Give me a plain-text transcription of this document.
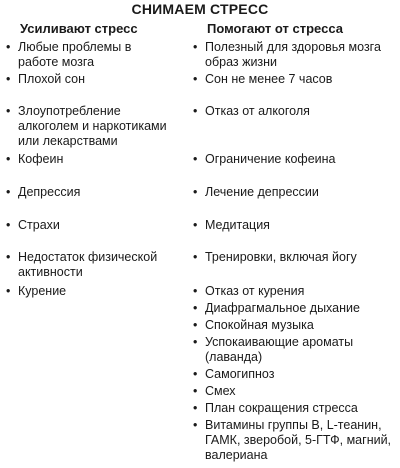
СНИМАЕМ СТРЕСС
Усиливают стресс	Помогают от стресса
• Любые проблемы в
работе мозга
• Плохой сон
• Злоупотребление
алкоголем и наркотиками
или лекарствами
• Кофеин
• Депрессия
• Страхи
• Недостаток физической
активности
• Курение
• Полезный для здоровья мозга
образ жизни
• Сон не менее 7 часов
• Отказ от алкоголя
• Ограничение кофеина
• Лечение депрессии
• Медитация
• Тренировки, включая йогу
• Отказ от курения
• Диафрагмальное дыхание
• Спокойная музыка
• Успокаивающие ароматы
(лаванда)
• Самогипноз
• Смех
• План сокращения стресса
• Витамины группы В, L-теанин,
ГАМК, зверобой, 5-ГТФ, магний,
валериана
